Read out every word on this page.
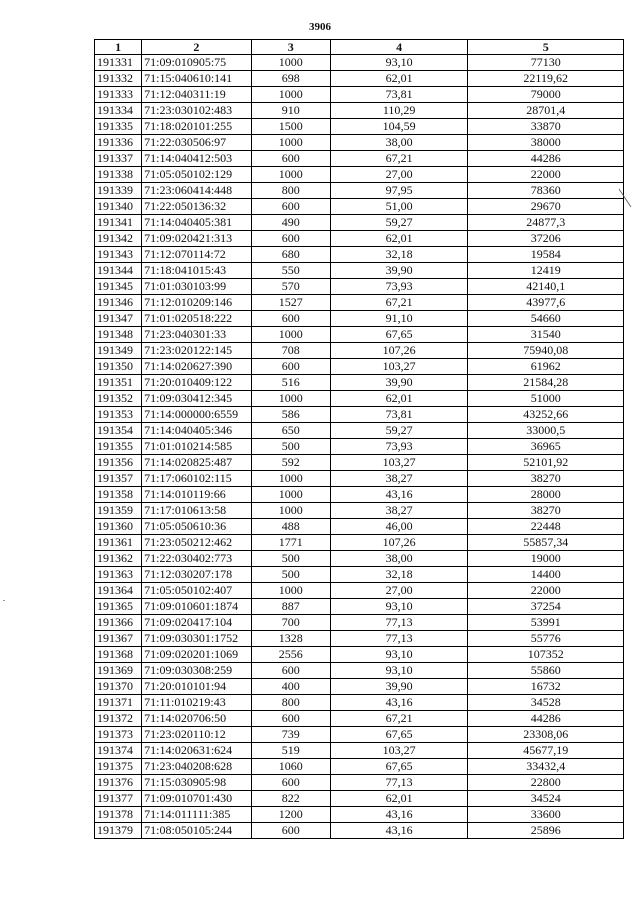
3906
1	2	3	4	5
191331	71:09:010905:75	1000	93,10	77130
191332	71:15:040610:141	698	62,01	22119,62
191333	71:12:040311:19	1000	73,81	79000
191334	71:23:030102:483	910	110,29	28701,4
191335	71:18:020101:255	1500	104,59	33870
191336	71:22:030506:97	1000	38,00	38000
191337	71:14:040412:503	600	67,21	44286
191338	71:05:050102:129	1000	27,00	22000
191339	71:23:060414:448	800	97,95	78360
191340	71:22:050136:32	600	51,00	29670
191341	71:14:040405:381	490	59,27	24877,3
191342	71:09:020421:313	600	62,01	37206
191343	71:12:070114:72	680	32,18	19584
191344	71:18:041015:43	550	39,90	12419
191345	71:01:030103:99	570	73,93	42140,1
191346	71:12:010209:146	1527	67,21	43977,6
191347	71:01:020518:222	600	91,10	54660
191348	71:23:040301:33	1000	67,65	31540
191349	71:23:020122:145	708	107,26	75940,08
191350	71:14:020627:390	600	103,27	61962
191351	71:20:010409:122	516	39,90	21584,28
191352	71:09:030412:345	1000	62,01	51000
191353	71:14:000000:6559	586	73,81	43252,66
191354	71:14:040405:346	650	59,27	33000,5
191355	71:01:010214:585	500	73,93	36965
191356	71:14:020825:487	592	103,27	52101,92
191357	71:17:060102:115	1000	38,27	38270
191358	71:14:010119:66	1000	43,16	28000
191359	71:17:010613:58	1000	38,27	38270
191360	71:05:050610:36	488	46,00	22448
191361	71:23:050212:462	1771	107,26	55857,34
191362	71:22:030402:773	500	38,00	19000
191363	71:12:030207:178	500	32,18	14400
191364	71:05:050102:407	1000	27,00	22000
191365	71:09:010601:1874	887	93,10	37254
191366	71:09:020417:104	700	77,13	53991
191367	71:09:030301:1752	1328	77,13	55776
191368	71:09:020201:1069	2556	93,10	107352
191369	71:09:030308:259	600	93,10	55860
191370	71:20:010101:94	400	39,90	16732
191371	71:11:010219:43	800	43,16	34528
191372	71:14:020706:50	600	67,21	44286
191373	71:23:020110:12	739	67,65	23308,06
191374	71:14:020631:624	519	103,27	45677,19
191375	71:23:040208:628	1060	67,65	33432,4
191376	71:15:030905:98	600	77,13	22800
191377	71:09:010701:430	822	62,01	34524
191378	71:14:011111:385	1200	43,16	33600
191379	71:08:050105:244	600	43,16	25896
